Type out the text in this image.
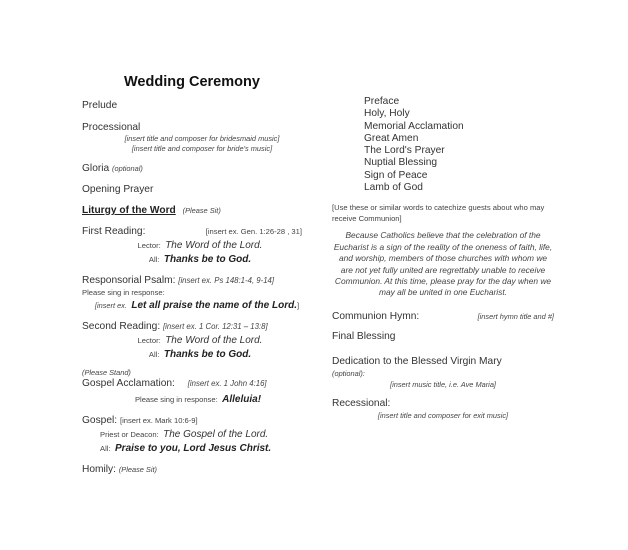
Wedding Ceremony
Prelude
Processional
[insert title and composer for bridesmaid music]
[insert title and composer for bride's music]
Gloria (optional)
Opening Prayer
Liturgy of the Word (Please Sit)
First Reading:	[insert ex. Gen. 1:26-28 , 31]
Lector: The Word of the Lord.
All: Thanks be to God.
Responsorial Psalm: [insert ex. Ps 148:1-4, 9-14]
Please sing in response:
[insert ex. Let all praise the name of the Lord.]
Second Reading: [insert ex. 1 Cor. 12:31 – 13:8]
Lector: The Word of the Lord.
All: Thanks be to God.
(Please Stand)
Gospel Acclamation: [insert ex. 1 John 4:16]
Please sing in response: Alleluia!
Gospel: [insert ex. Mark 10:6-9]
Priest or Deacon: The Gospel of the Lord.
All: Praise to you, Lord Jesus Christ.
Homily: (Please Sit)
Preface
Holy, Holy
Memorial Acclamation
Great Amen
The Lord's Prayer
Nuptial Blessing
Sign of Peace
Lamb of God
[Use these or similar words to catechize guests about who may receive Communion]
Because Catholics believe that the celebration of the Eucharist is a sign of the reality of the oneness of faith, life, and worship, members of those churches with whom we are not yet fully united are regrettably unable to receive Communion. At this time, please pray for the day when we may all be united in one Eucharist.
Communion Hymn:	[insert hymn title and #]
Final Blessing
Dedication to the Blessed Virgin Mary
(optional):
[insert music title, i.e. Ave Maria]
Recessional:
[insert title and composer for exit music]
